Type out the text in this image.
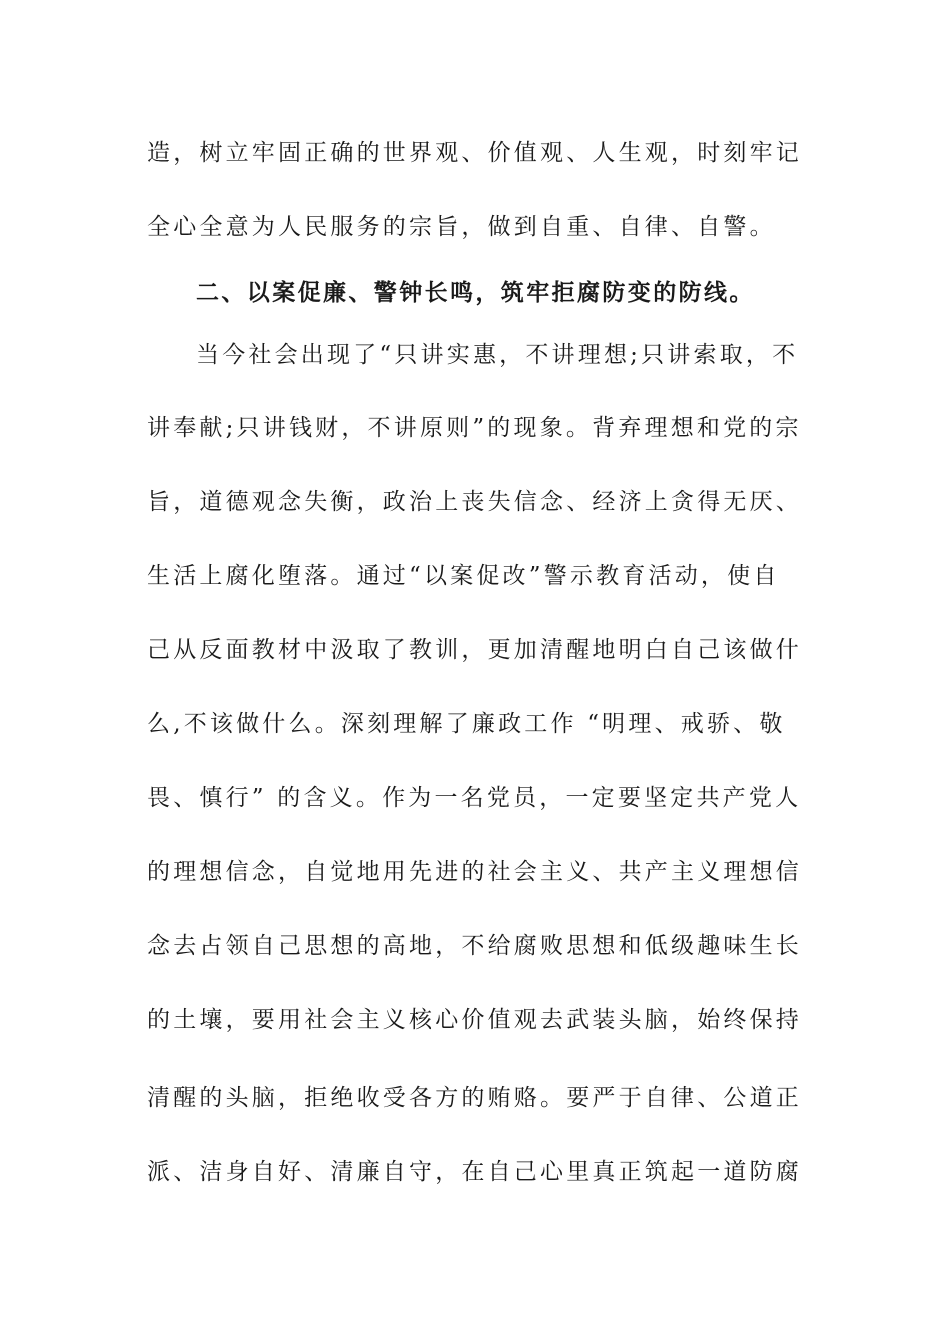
造，树立牢固正确的世界观、价值观、人生观，时刻牢记
全心全意为人民服务的宗旨，做到自重、自律、自警。
二、以案促廉、警钟长鸣，筑牢拒腐防变的防线。
当今社会出现了“只讲实惠，不讲理想;只讲索取，不
讲奉献;只讲钱财，不讲原则”的现象。背弃理想和党的宗
旨，道德观念失衡，政治上丧失信念、经济上贪得无厌、
生活上腐化堕落。通过“以案促改”警示教育活动，使自
己从反面教材中汲取了教训，更加清醒地明白自己该做什
么,不该做什么。深刻理解了廉政工作 “明理、戒骄、敬
畏、慎行” 的含义。作为一名党员，一定要坚定共产党人
的理想信念，自觉地用先进的社会主义、共产主义理想信
念去占领自己思想的高地，不给腐败思想和低级趣味生长
的土壤，要用社会主义核心价值观去武装头脑，始终保持
清醒的头脑，拒绝收受各方的贿赂。要严于自律、公道正
派、洁身自好、清廉自守，在自己心里真正筑起一道防腐
